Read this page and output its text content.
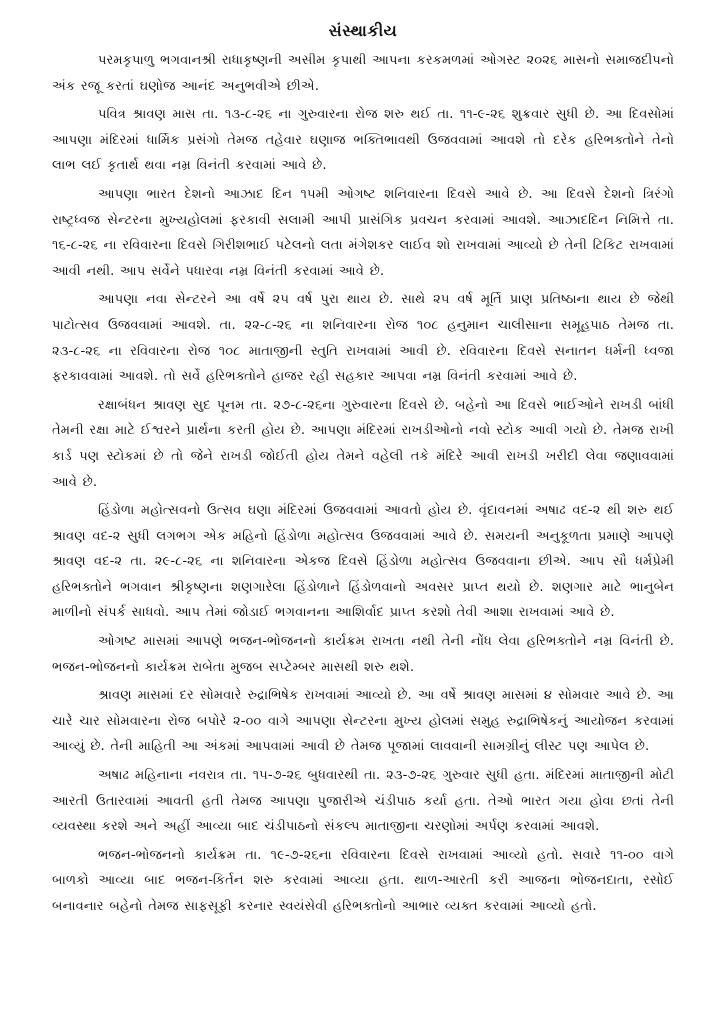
સંસ્થાકીય

પરમકૃપાળુ ભગવાનશ્રી રાધાકૃષ્ણની અસીમ કૃપાથી આપના કરકમળમાં ઓગસ્ટ ૨૦૨૬ માસનો સમાજદીપનો અંક રજૂ કરતાં ઘણોજ આનંદ અનુભવીએ છીએ.

પવિત્ર શ્રાવણ માસ તા. ૧૩-૮-૨૬ ના ગુરુવારના રોજ શરુ થઈ તા. ૧૧-૯-૨૬ શુક્રવાર સુધી છે. આ દિવસોમાં આપણા મંદિરમાં ધાર્મિક પ્રસંગો તેમજ તહેવાર ઘણાજ ભક્તિભાવથી ઉજવવામાં આવશે તો દરેક હરિભક્તોને તેનો લાભ લઈ કૃતાર્થ થવા નમ્ર વિનંતી કરવામાં આવે છે.

આપણા ભારત દેશનો આઝાદ દિન ૧૫મી ઓગષ્ટ શનિવારના દિવસે આવે છે. આ દિવસે દેશનો ત્રિરંગો રાષ્ટ્રધ્વજ સેન્ટરના મુખ્યહોલમાં ફરકાવી સલામી આપી પ્રાસંગિક પ્રવચન કરવામાં આવશે. આઝાદદિન નિમિત્તે તા. ૧૬-૮-૨૬ ના રવિવારના દિવસે ગિરીશભાઈ પટેલનો લતા મંગેશકર લાઈવ શો રાખવામાં આવ્યો છે તેની ટિકિટ રાખવામાં આવી નથી. આપ સર્વેને પધારવા નમ્ર વિનંતી કરવામાં આવે છે.

આપણા નવા સેન્ટરને આ વર્ષે ૨૫ વર્ષ પુરા થાય છે. સાથે ૨૫ વર્ષ મૂર્તિ પ્રાણ પ્રતિષ્ઠાના થાય છે જેથી પાટોત્સવ ઉજવવામાં આવશે. તા. ૨૨-૮-૨૬ ના શનિવારના રોજ ૧૦૮ હનુમાન ચાલીસાના સમૂહપાઠ તેમજ તા. ૨૩-૮-૨૬ ના રવિવારના રોજ ૧૦૮ માતાજીની સ્તુતિ રાખવામાં આવી છે. રવિવારના દિવસે સનાતન ધર્મની ધ્વજા ફરકાવવામાં આવશે. તો સર્વે હરિભક્તોને હાજર રહી સહકાર આપવા નમ્ર વિનંતી કરવામાં આવે છે.

રક્ષાબંધન શ્રાવણ સુદ પૂનમ તા. ૨૭-૮-૨૬ના ગુરુવારના દિવસે છે. બહેનો આ દિવસે ભાઈઓને રાખડી બાંધી તેમની રક્ષા માટે ઈશ્વરને પ્રાર્થના કરતી હોય છે. આપણા મંદિરમાં રાખડીઓનો નવો સ્ટોક આવી ગયો છે. તેમજ રાખી કાર્ડ પણ સ્ટોકમાં છે તો જેને રાખડી જોઈતી હોય તેમને વહેલી તકે મંદિરે આવી રાખડી ખરીદી લેવા જણાવવામાં આવે છે.

હિંડોળા મહોત્સવનો ઉત્સવ ઘણા મંદિરમાં ઉજવવામાં આવતો હોય છે. વૃંદાવનમાં અષાઢ વદ-૨ થી શરુ થઈ શ્રાવણ વદ-૨ સુધી લગભગ એક મહિનો હિંડોળા મહોત્સવ ઉજવવામાં આવે છે. સમયની અનુકૂળતા પ્રમાણે આપણે શ્રાવણ વદ-૨ તા. ૨૯-૮-૨૬ ના શનિવારના એકજ દિવસે હિંડોળા મહોત્સવ ઉજવવાના છીએ. આપ સૌ ધર્મપ્રેમી હરિભક્તોને ભગવાન શ્રીકૃષ્ણના શણગારેલા હિંડોળાને હિંડોળવાનો અવસર પ્રાપ્ત થયો છે. શણગાર માટે ભાનુબેન માળીનો સંપર્ક સાધવો. આપ તેમાં જોડાઈ ભગવાનના આશિર્વાદ પ્રાપ્ત કરશો તેવી આશા રાખવામાં આવે છે.

ઓગષ્ટ માસમાં આપણે ભજન-ભોજનનો કાર્યક્રમ રાખતા નથી તેની નોંધ લેવા હરિભક્તોને નમ્ર વિનંતી છે. ભજન-ભોજનનો કાર્યક્રમ રાબેતા મુજબ સપ્ટેમ્બર માસથી શરુ થશે.

શ્રાવણ માસમાં દર સોમવારે રુદ્રાભિષેક રાખવામાં આવ્યો છે. આ વર્ષે શ્રાવણ માસમાં ૪ સોમવાર આવે છે. આ ચારે ચાર સોમવારના રોજ બપોરે ૨-૦૦ વાગે આપણા સેન્ટરના મુખ્ય હોલમાં સમુહ રુદ્રાભિષેકનું આયોજન કરવામાં આવ્યું છે. તેની માહિતી આ અંકમાં આપવામાં આવી છે તેમજ પૂજામાં લાવવાની સામગ્રીનું લીસ્ટ પણ આપેલ છે.

અષાઢ મહિનાના નવરાત્ર તા. ૧૫-૭-૨૬ બુધવારથી તા. ૨૩-૭-૨૬ ગુરુવાર સુધી હતા. મંદિરમાં માતાજીની મોટી આરતી ઉતારવામાં આવતી હતી તેમજ આપણા પુજારીએ ચંડીપાઠ કર્યા હતા. તેઓ ભારત ગયા હોવા છતાં તેની વ્યવસ્થા કરશે અને અહીં આવ્યા બાદ ચંડીપાઠનો સંકલ્પ માતાજીના ચરણોમાં અર્પણ કરવામાં આવશે.

ભજન-ભોજનનો કાર્યક્રમ તા. ૧૯-૭-૨૬ના રવિવારના દિવસે રાખવામાં આવ્યો હતો. સવારે ૧૧-૦૦ વાગે બાળકો આવ્યા બાદ ભજન-કિર્તન શરુ કરવામાં આવ્યા હતા. થાળ-આરતી કરી આજના ભોજનદાતા, રસોઈ બનાવનાર બહેનો તેમજ સાફસૂફી કરનાર સ્વયંસેવી હરિભક્તોનો આભાર વ્યક્ત કરવામાં આવ્યો હતો.
